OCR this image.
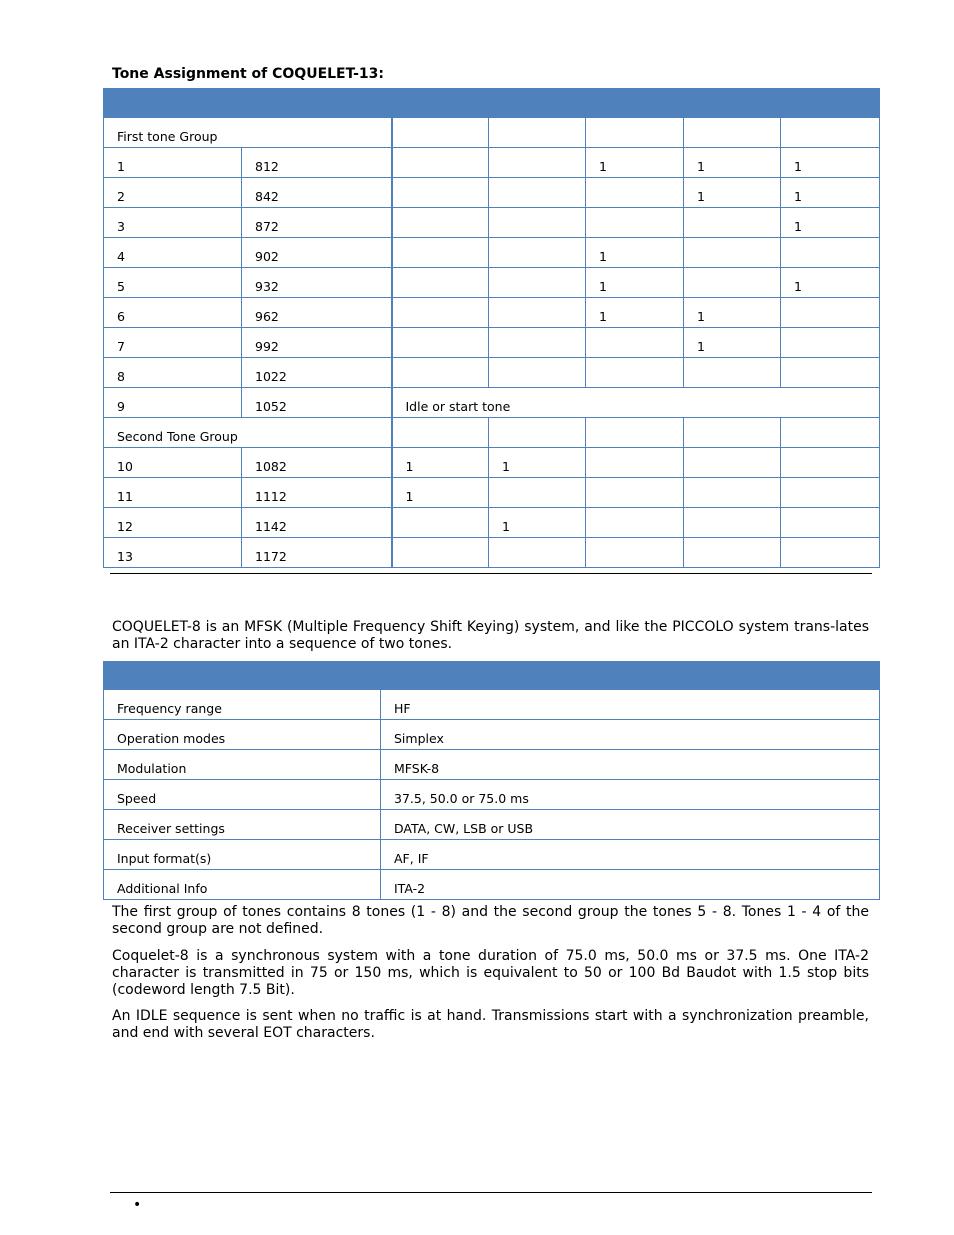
Tone Assignment of COQUELET-13:

First tone Group						
1	812			1	1	1
2	842				1	1
3	872					1
4	902			1		
5	932			1		1
6	962			1	1	
7	992				1	
8	1022					
9	1052	Idle or start tone				
Second Tone Group						
10	1082	1	1			
11	1112	1				
12	1142		1			
13	1172					
COQUELET-8 is an MFSK (Multiple Frequency Shift Keying) system, and like the PICCOLO system trans-lates an ITA-2 character into a sequence of two tones.

Frequency range	HF
Operation modes	Simplex
Modulation	MFSK-8
Speed	37.5, 50.0 or 75.0 ms
Receiver settings	DATA, CW, LSB or USB
Input format(s)	AF, IF
Additional Info	ITA-2
The first group of tones contains 8 tones (1 - 8) and the second group the tones 5 - 8. Tones 1 - 4 of the second group are not defined.
Coquelet-8 is a synchronous system with a tone duration of 75.0 ms, 50.0 ms or 37.5 ms. One ITA-2 character is transmitted in 75 or 150 ms, which is equivalent to 50 or 100 Bd Baudot with 1.5 stop bits (codeword length 7.5 Bit).
An IDLE sequence is sent when no traffic is at hand. Transmissions start with a synchronization preamble, and end with several EOT characters.
•
